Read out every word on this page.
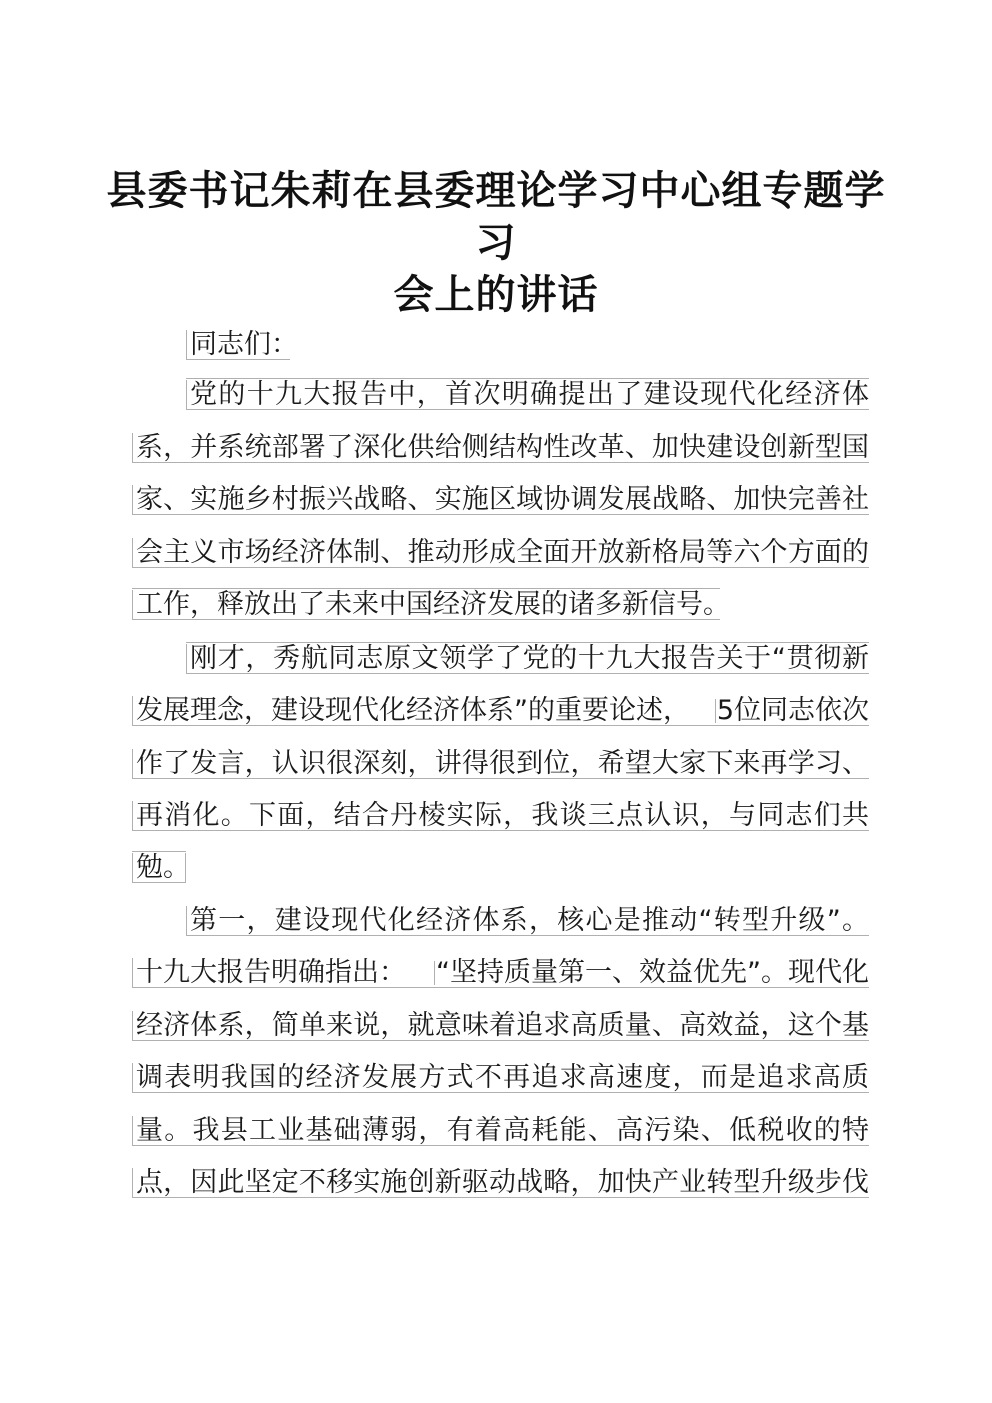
县委书记朱莉在县委理论学习中心组专题学习
会上的讲话
同志们：
党的十九大报告中，首次明确提出了建设现代化经济体
系，并系统部署了深化供给侧结构性改革、加快建设创新型国
家、实施乡村振兴战略、实施区域协调发展战略、加快完善社
会主义市场经济体制、推动形成全面开放新格局等六个方面的
工作，释放出了未来中国经济发展的诸多新信号。
刚才，秀航同志原文领学了党的十九大报告关于“贯彻新
发展理念，建设现代化经济体系”的重要论述， 5位同志依次
作了发言，认识很深刻，讲得很到位，希望大家下来再学习、
再消化。下面，结合丹棱实际，我谈三点认识，与同志们共
勉。
第一，建设现代化经济体系，核心是推动“转型升级”。
十九大报告明确指出： “坚持质量第一、效益优先”。现代化
经济体系，简单来说，就意味着追求高质量、高效益，这个基
调表明我国的经济发展方式不再追求高速度，而是追求高质
量。我县工业基础薄弱，有着高耗能、高污染、低税收的特
点，因此坚定不移实施创新驱动战略，加快产业转型升级步伐
